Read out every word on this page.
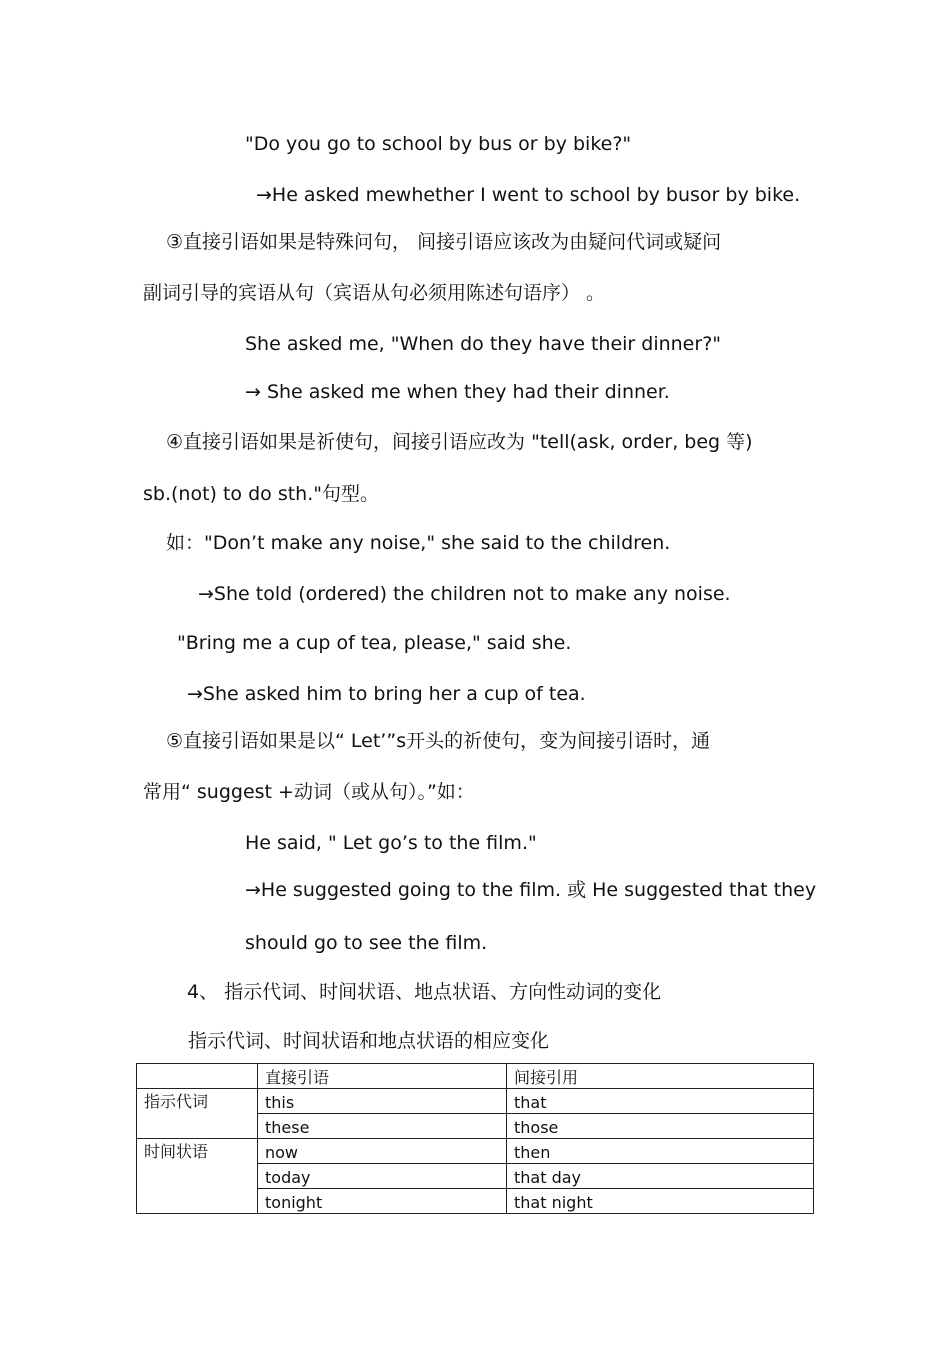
"Do you go to school by bus or by bike?"
→He asked mewhether I went to school by busor by bike.
③直接引语如果是特殊问句， 间接引语应该改为由疑问代词或疑问
副词引导的宾语从句（宾语从句必须用陈述句语序） 。
She asked me, "When do they have their dinner?"
→ She asked me when they had their dinner.
④直接引语如果是祈使句，间接引语应改为 "tell(ask, order, beg 等)
sb.(not) to do sth."句型。
如："Don’t make any noise," she said to the children.
→She told (ordered) the children not to make any noise.
"Bring me a cup of tea, please," said she.
→She asked him to bring her a cup of tea.
⑤直接引语如果是以“ Let’”s开头的祈使句，变为间接引语时，通
常用“ suggest +动词（或从句）。”如：
He said, " Let go’s to the film."
→He suggested going to the film. 或 He suggested that they
should go to see the film.
4、 指示代词、时间状语、地点状语、方向性动词的变化
指示代词、时间状语和地点状语的相应变化
	直接引语	间接引用
指示代词	this	that
	these	those
时间状语	now	then
	today	that day
	tonight	that night
